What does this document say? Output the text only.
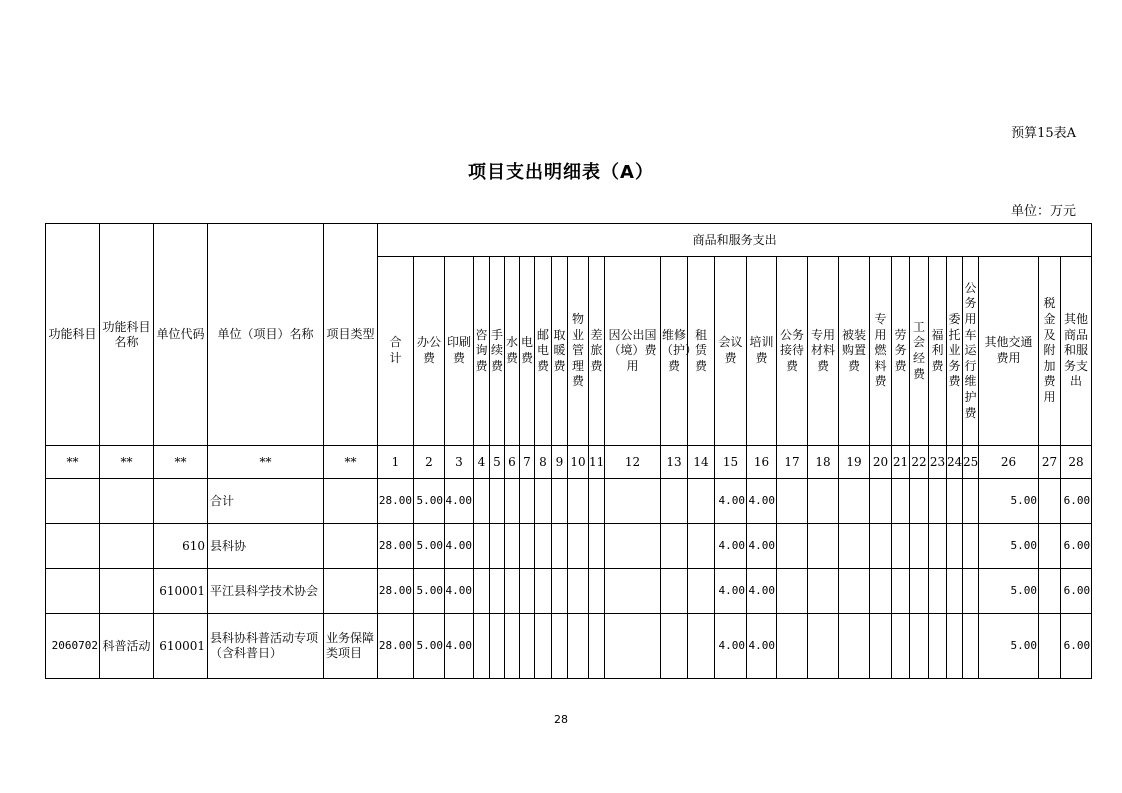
预算15表A
项目支出明细表（A）
单位：万元
功能科目	功能科目名称	单位代码	单位（项目）名称	项目类型	商品和服务支出																											

					合计	办公费	印刷费	咨询费	手续费	水费	电费	邮电费	取暖费	物业管理费	差旅费	因公出国（境）费用	维修（护）费	租赁费	会议费	培训费	公务接待费	专用材料费	被装购置费	专用燃料费	劳务费	工会经费	福利费	委托业务费	公务用车运行维护费	其他交通费用	税金及附加费用	其他商品和服务支出

**	**	**	**	**	1	2	3	4	5	6	7	8	9	10	11	12	13	14	15	16	17	18	19	20	21	22	23	24	25	26	27	28
			合计		28.00	5.00	4.00												4.00	4.00										5.00		6.00
		610	县科协		28.00	5.00	4.00												4.00	4.00										5.00		6.00
		610001	平江县科学技术协会		28.00	5.00	4.00												4.00	4.00										5.00		6.00
2060702	科普活动	610001	县科协科普活动专项（含科普日）	业务保障类项目	28.00	5.00	4.00												4.00	4.00										5.00		6.00
28
